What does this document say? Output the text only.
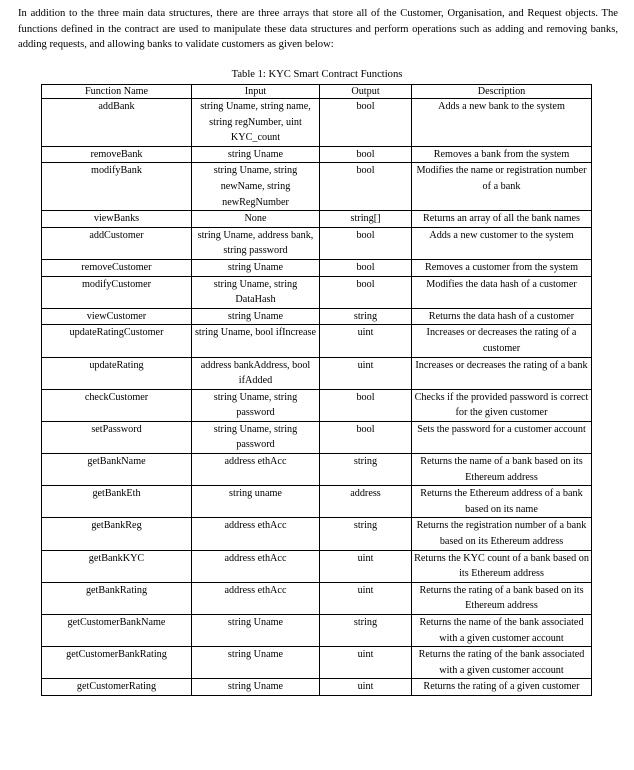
In addition to the three main data structures, there are three arrays that store all of the Customer, Organisation, and Request objects. The functions defined in the contract are used to manipulate these data structures and perform operations such as adding and removing banks, adding requests, and allowing banks to validate customers as given below:

Table 1: KYC Smart Contract Functions
Function Name	Input	Output	Description
addBank	string Uname, string name, string regNumber, uint KYC_count	bool	Adds a new bank to the system
removeBank	string Uname	bool	Removes a bank from the system
modifyBank	string Uname, string newName, string newRegNumber	bool	Modifies the name or registration number of a bank
viewBanks	None	string[]	Returns an array of all the bank names
addCustomer	string Uname, address bank, string password	bool	Adds a new customer to the system
removeCustomer	string Uname	bool	Removes a customer from the system
modifyCustomer	string Uname, string DataHash	bool	Modifies the data hash of a customer
viewCustomer	string Uname	string	Returns the data hash of a customer
updateRatingCustomer	string Uname, bool ifIncrease	uint	Increases or decreases the rating of a customer
updateRating	address bankAddress, bool ifAdded	uint	Increases or decreases the rating of a bank
checkCustomer	string Uname, string password	bool	Checks if the provided password is correct for the given customer
setPassword	string Uname, string password	bool	Sets the password for a customer account
getBankName	address ethAcc	string	Returns the name of a bank based on its Ethereum address
getBankEth	string uname	address	Returns the Ethereum address of a bank based on its name
getBankReg	address ethAcc	string	Returns the registration number of a bank based on its Ethereum address
getBankKYC	address ethAcc	uint	Returns the KYC count of a bank based on its Ethereum address
getBankRating	address ethAcc	uint	Returns the rating of a bank based on its Ethereum address
getCustomerBankName	string Uname	string	Returns the name of the bank associated with a given customer account
getCustomerBankRating	string Uname	uint	Returns the rating of the bank associated with a given customer account
getCustomerRating	string Uname	uint	Returns the rating of a given customer
